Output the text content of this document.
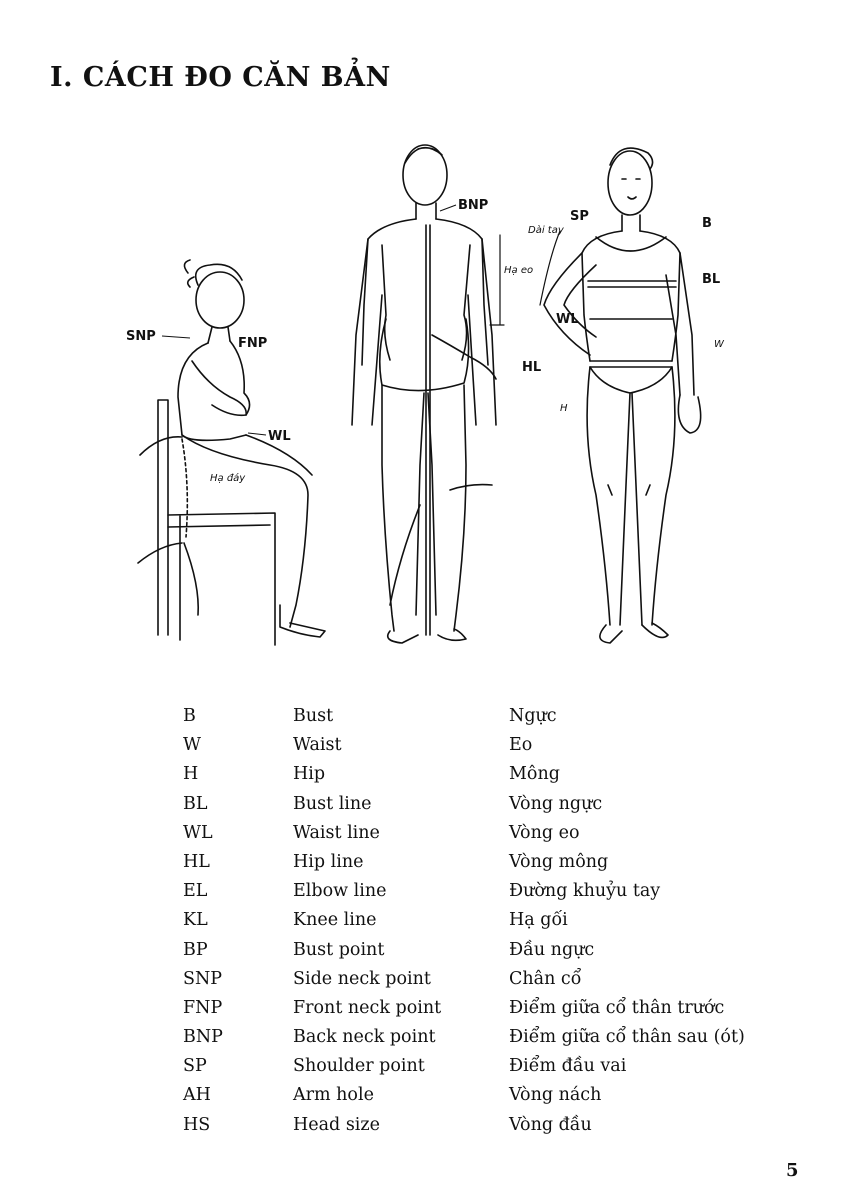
I. CÁCH ĐO CĂN BẢN
SNP	FNP
WL
Hạ đáy
BNP
Hạ eo
SP
Dài tay	B
BL
WL
W
HL
H
B	Bust	Ngực
W	Waist	Eo
H	Hip	Mông
BL	Bust line	Vòng ngực
WL	Waist line	Vòng eo
HL	Hip line	Vòng mông
EL	Elbow line	Đường khuỷu tay
KL	Knee line	Hạ gối
BP	Bust point	Đầu ngực
SNP	Side neck point	Chân cổ
FNP	Front neck point	Điểm giữa cổ thân trước
BNP	Back neck point	Điểm giữa cổ thân sau (ót)
SP	Shoulder point	Điểm đầu vai
AH	Arm hole	Vòng nách
HS	Head size	Vòng đầu
5
